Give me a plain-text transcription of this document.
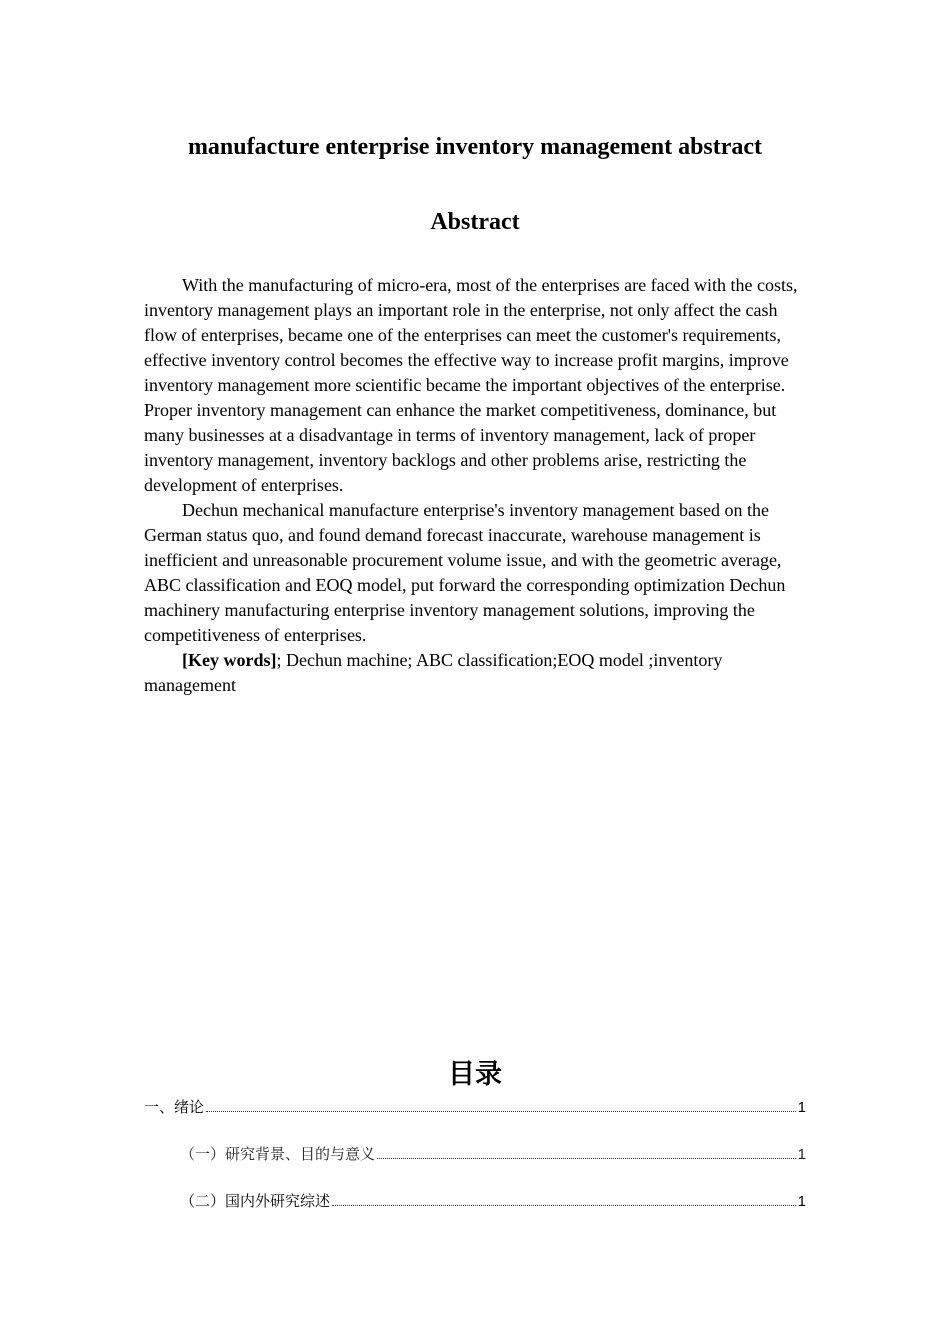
manufacture enterprise inventory management abstract
Abstract

With the manufacturing of micro-era, most of the enterprises are faced with the costs, inventory management plays an important role in the enterprise, not only affect the cash flow of enterprises, became one of the enterprises can meet the customer's requirements, effective inventory control becomes the effective way to increase profit margins, improve inventory management more scientific became the important objectives of the enterprise. Proper inventory management can enhance the market competitiveness, dominance, but many businesses at a disadvantage in terms of inventory management, lack of proper inventory management, inventory backlogs and other problems arise, restricting the development of enterprises.

Dechun mechanical manufacture enterprise's inventory management based on the German status quo, and found demand forecast inaccurate, warehouse management is inefficient and unreasonable procurement volume issue, and with the geometric average, ABC classification and EOQ model, put forward the corresponding optimization Dechun machinery manufacturing enterprise inventory management solutions, improving the competitiveness of enterprises.

[Key words]; Dechun machine; ABC classification;EOQ model ;inventory management

目录
一、绪论	1
（一）研究背景、目的与意义	1
（二）国内外研究综述	1
